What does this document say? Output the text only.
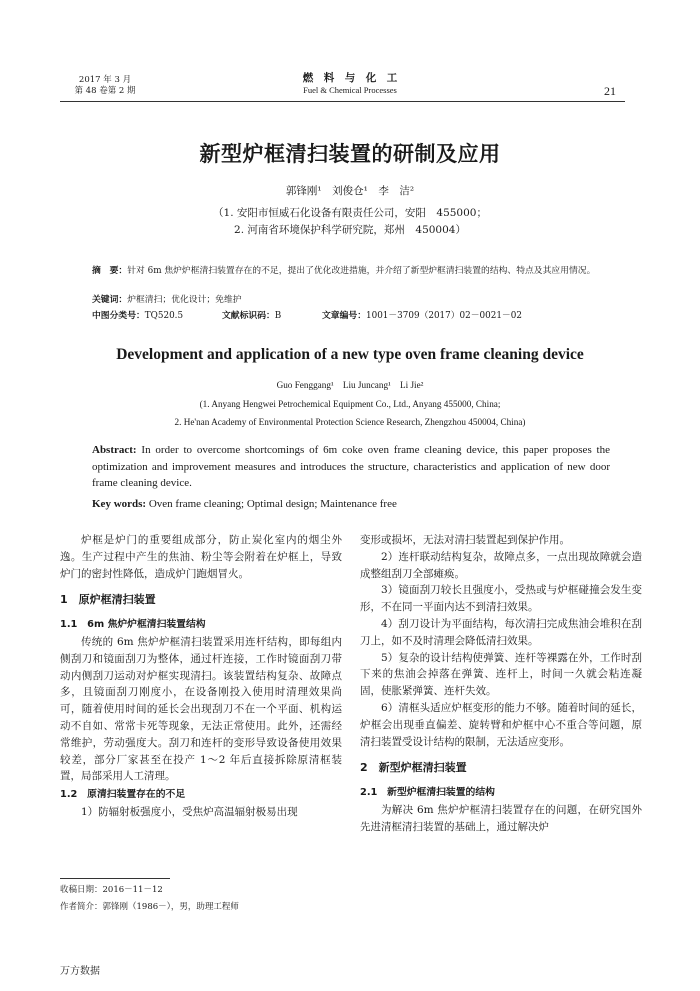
2017 年 3 月
第 48 卷第 2 期
燃　料　与　化　工
Fuel & Chemical Processes	21
新型炉框清扫装置的研制及应用
郭锋刚¹　刘俊仓¹　李　洁²
（1. 安阳市恒威石化设备有限责任公司，安阳　455000；
2. 河南省环境保护科学研究院，郑州　450004）
摘　要：针对 6m 焦炉炉框清扫装置存在的不足，提出了优化改进措施，并介绍了新型炉框清扫装置的结构、特点及其应用情况。
关键词：炉框清扫；优化设计；免维护
中图分类号：TQ520.5	文献标识码：B	文章编号：1001－3709（2017）02－0021－02
Development and application of a new type oven frame cleaning device
Guo Fenggang¹　Liu Juncang¹　Li Jie²
(1. Anyang Hengwei Petrochemical Equipment Co., Ltd., Anyang 455000, China;
2. He'nan Academy of Environmental Protection Science Research, Zhengzhou 450004, China)
Abstract: In order to overcome shortcomings of 6m coke oven frame cleaning device, this paper proposes the optimization and improvement measures and introduces the structure, characteristics and application of new door frame cleaning device.
Key words: Oven frame cleaning; Optimal design; Maintenance free

炉框是炉门的重要组成部分，防止炭化室内的烟尘外逸。生产过程中产生的焦油、粉尘等会附着在炉框上，导致炉门的密封性降低，造成炉门跑烟冒火。

1　原炉框清扫装置
1.1　6m 焦炉炉框清扫装置结构

传统的 6m 焦炉炉框清扫装置采用连杆结构，即每组内侧刮刀和镜面刮刀为整体，通过杆连接，工作时镜面刮刀带动内侧刮刀运动对炉框实现清扫。该装置结构复杂、故障点多，且镜面刮刀刚度小，在设备刚投入使用时清理效果尚可，随着使用时间的延长会出现刮刀不在一个平面、机构运动不自如、常常卡死等现象，无法正常使用。此外，还需经常维护，劳动强度大。刮刀和连杆的变形导致设备使用效果较差，部分厂家甚至在投产 1～2 年后直接拆除原清框装置，局部采用人工清理。

1.2　原清扫装置存在的不足

1）防辐射板强度小，受焦炉高温辐射极易出现

变形或损坏，无法对清扫装置起到保护作用。

2）连杆联动结构复杂，故障点多，一点出现故障就会造成整组刮刀全部瘫痪。

3）镜面刮刀较长且强度小，受热或与炉框碰撞会发生变形，不在同一平面内达不到清扫效果。

4）刮刀设计为平面结构，每次清扫完成焦油会堆积在刮刀上，如不及时清理会降低清扫效果。

5）复杂的设计结构使弹簧、连杆等裸露在外，工作时刮下来的焦油会掉落在弹簧、连杆上，时间一久就会粘连凝固，使胀紧弹簧、连杆失效。

6）清框头适应炉框变形的能力不够。随着时间的延长，炉框会出现垂直偏差、旋转臂和炉框中心不重合等问题，原清扫装置受设计结构的限制，无法适应变形。

2　新型炉框清扫装置
2.1　新型炉框清扫装置的结构

为解决 6m 焦炉炉框清扫装置存在的问题，在研究国外先进清框清扫装置的基础上，通过解决炉

收稿日期：2016－11－12
作者简介：郭锋刚（1986－），男，助理工程师
万方数据
